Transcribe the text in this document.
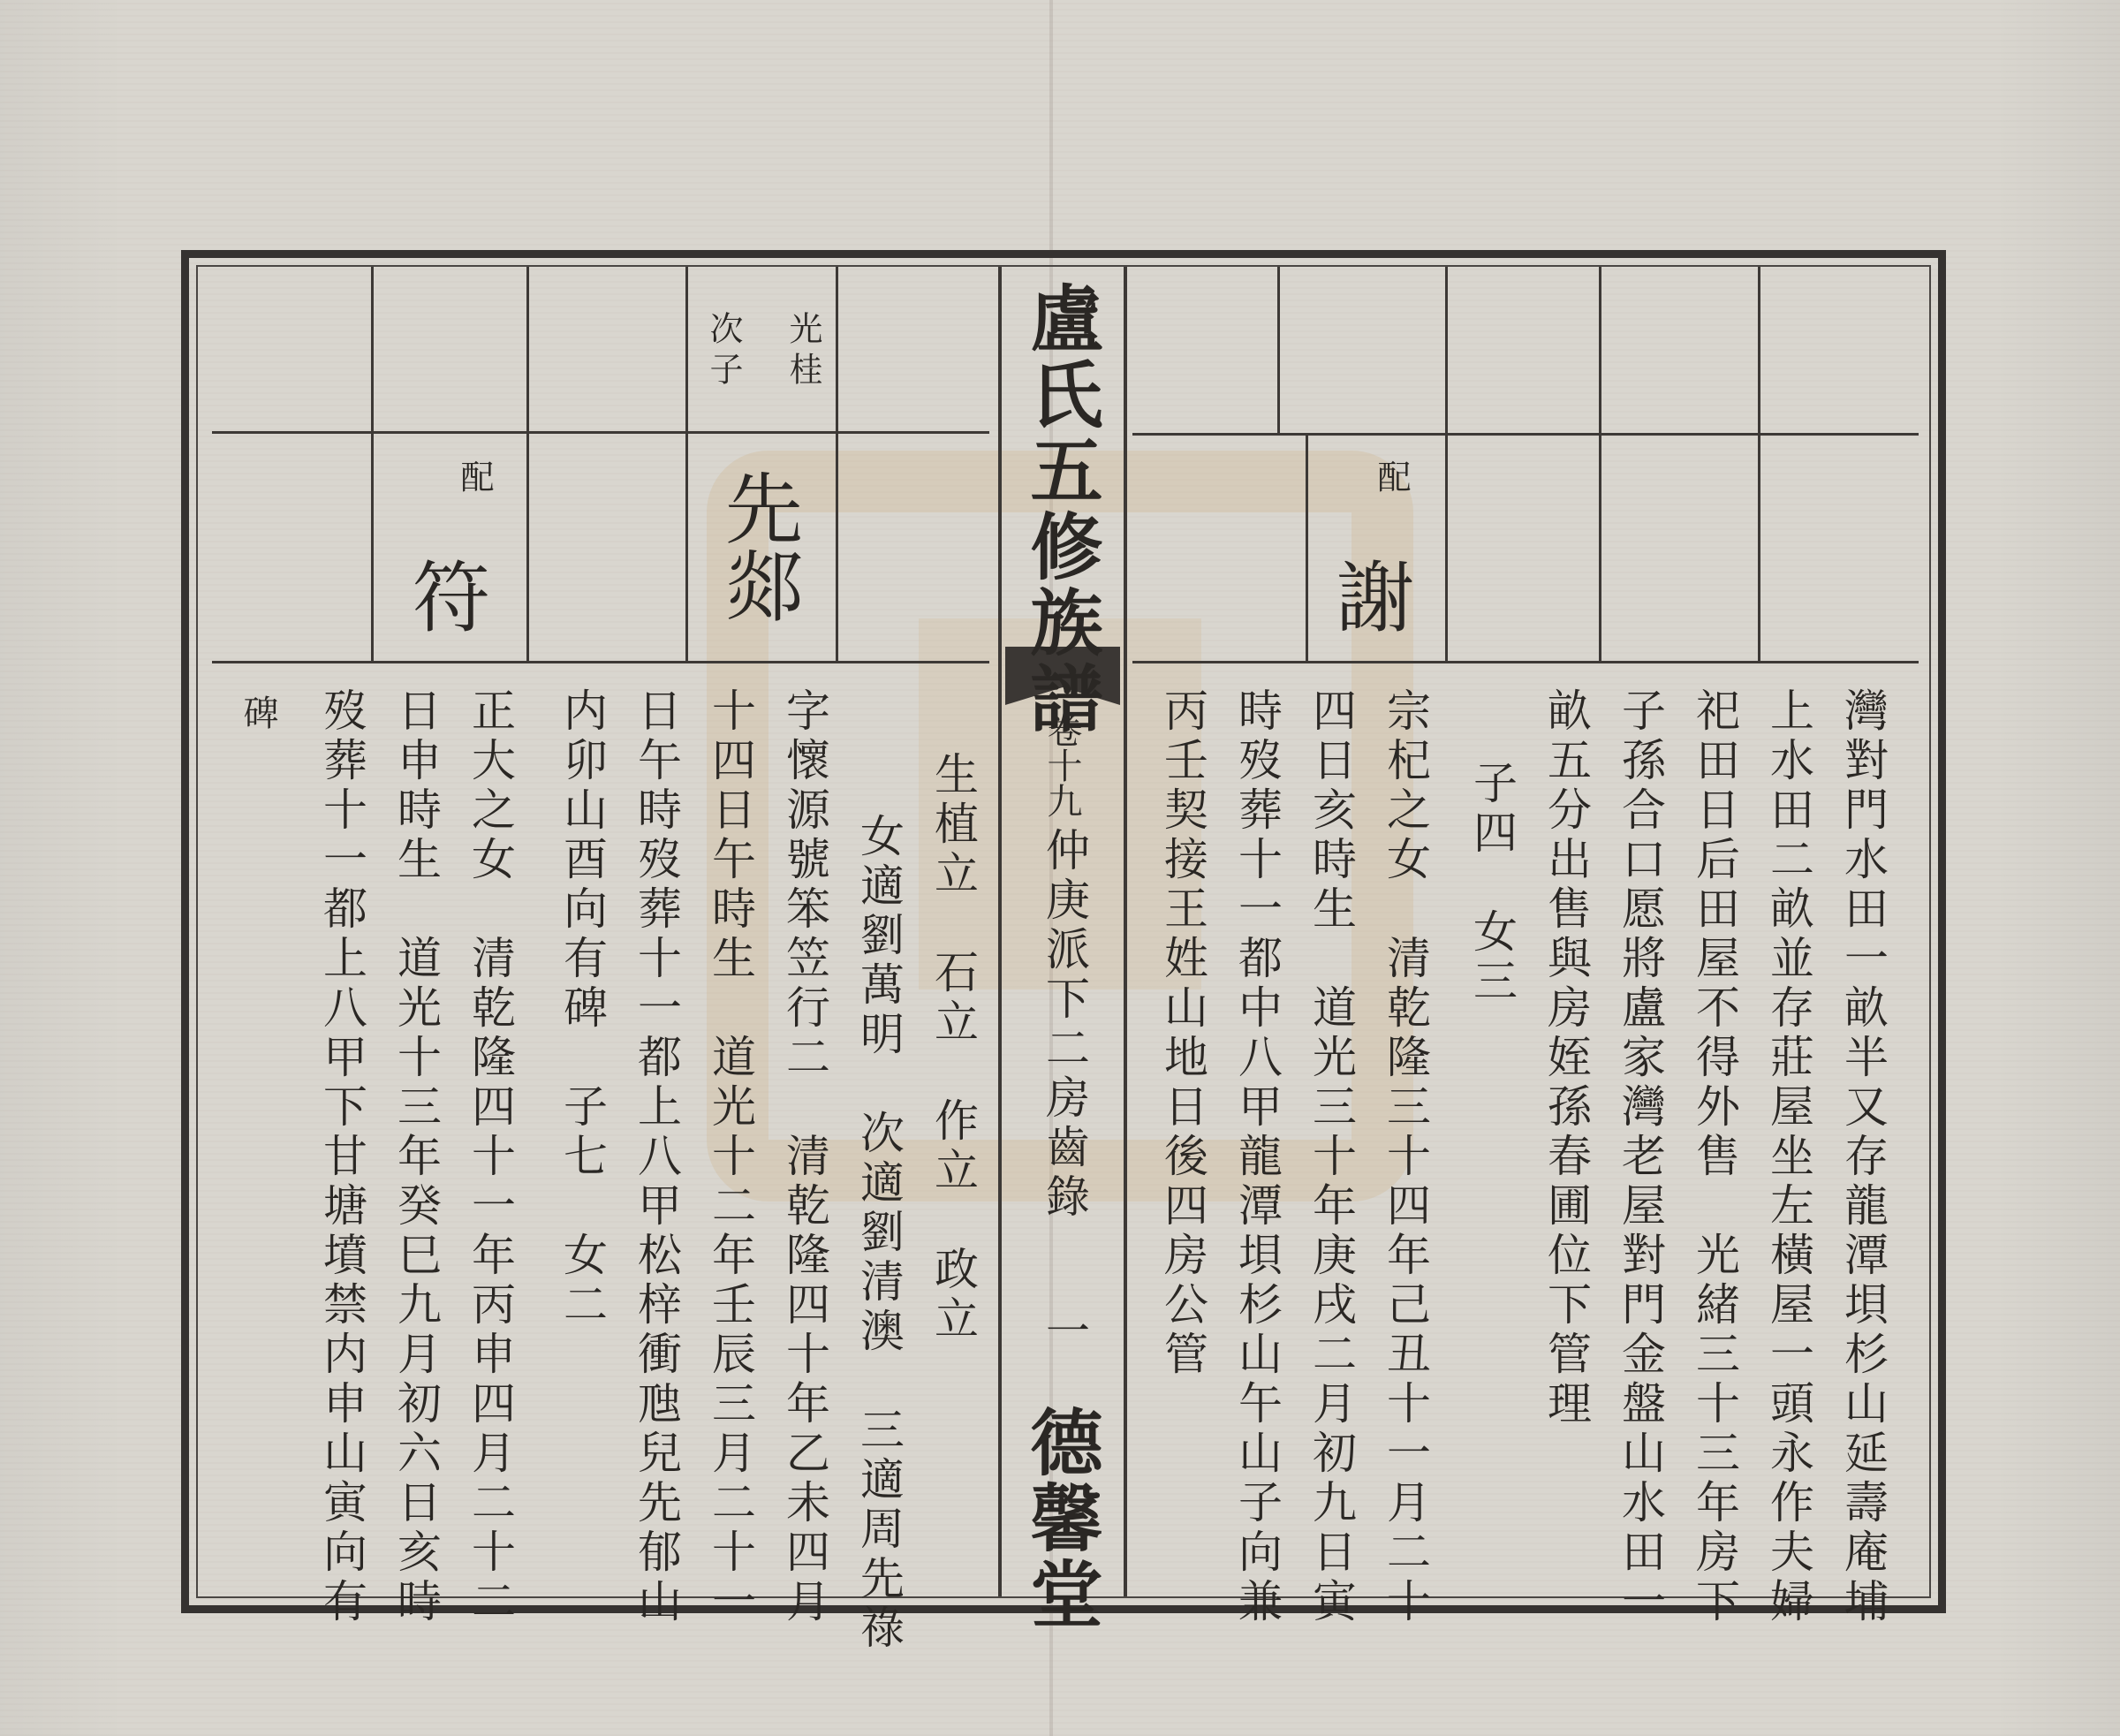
盧氏五修族譜
卷十九
仲庚派下二房齒錄
一
德馨堂
配
謝
灣對門水田一畝半又存龍潭垻杉山延壽庵埔
上水田二畝並存莊屋坐左橫屋一頭永作夫婦
祀田日后田屋不得外售　光緒三十三年房下
子孫合口愿將盧家灣老屋對門金盤山水田一
畝五分出售與房姪孫春圃位下管理
子四　女三
宗杞之女　清乾隆三十四年己丑十一月二十
四日亥時生　道光三十年庚戌二月初九日寅
時歿葬十一都中八甲龍潭垻杉山午山子向兼
丙壬契接王姓山地日後四房公管
光桂
次子
先郯
配
符
生植立　石立　作立　政立
女適劉萬明　次適劉清澳　三適周先祿
字懷源號笨笠行二　清乾隆四十年乙未四月
十四日午時生　道光十二年壬辰三月二十一
日午時歿葬十一都上八甲松梓衝虺兒先郁山
内卯山酉向有碑　子七　女二
正大之女　清乾隆四十一年丙申四月二十二
日申時生　道光十三年癸巳九月初六日亥時
歿葬十一都上八甲下甘塘墳禁内申山寅向有
碑
